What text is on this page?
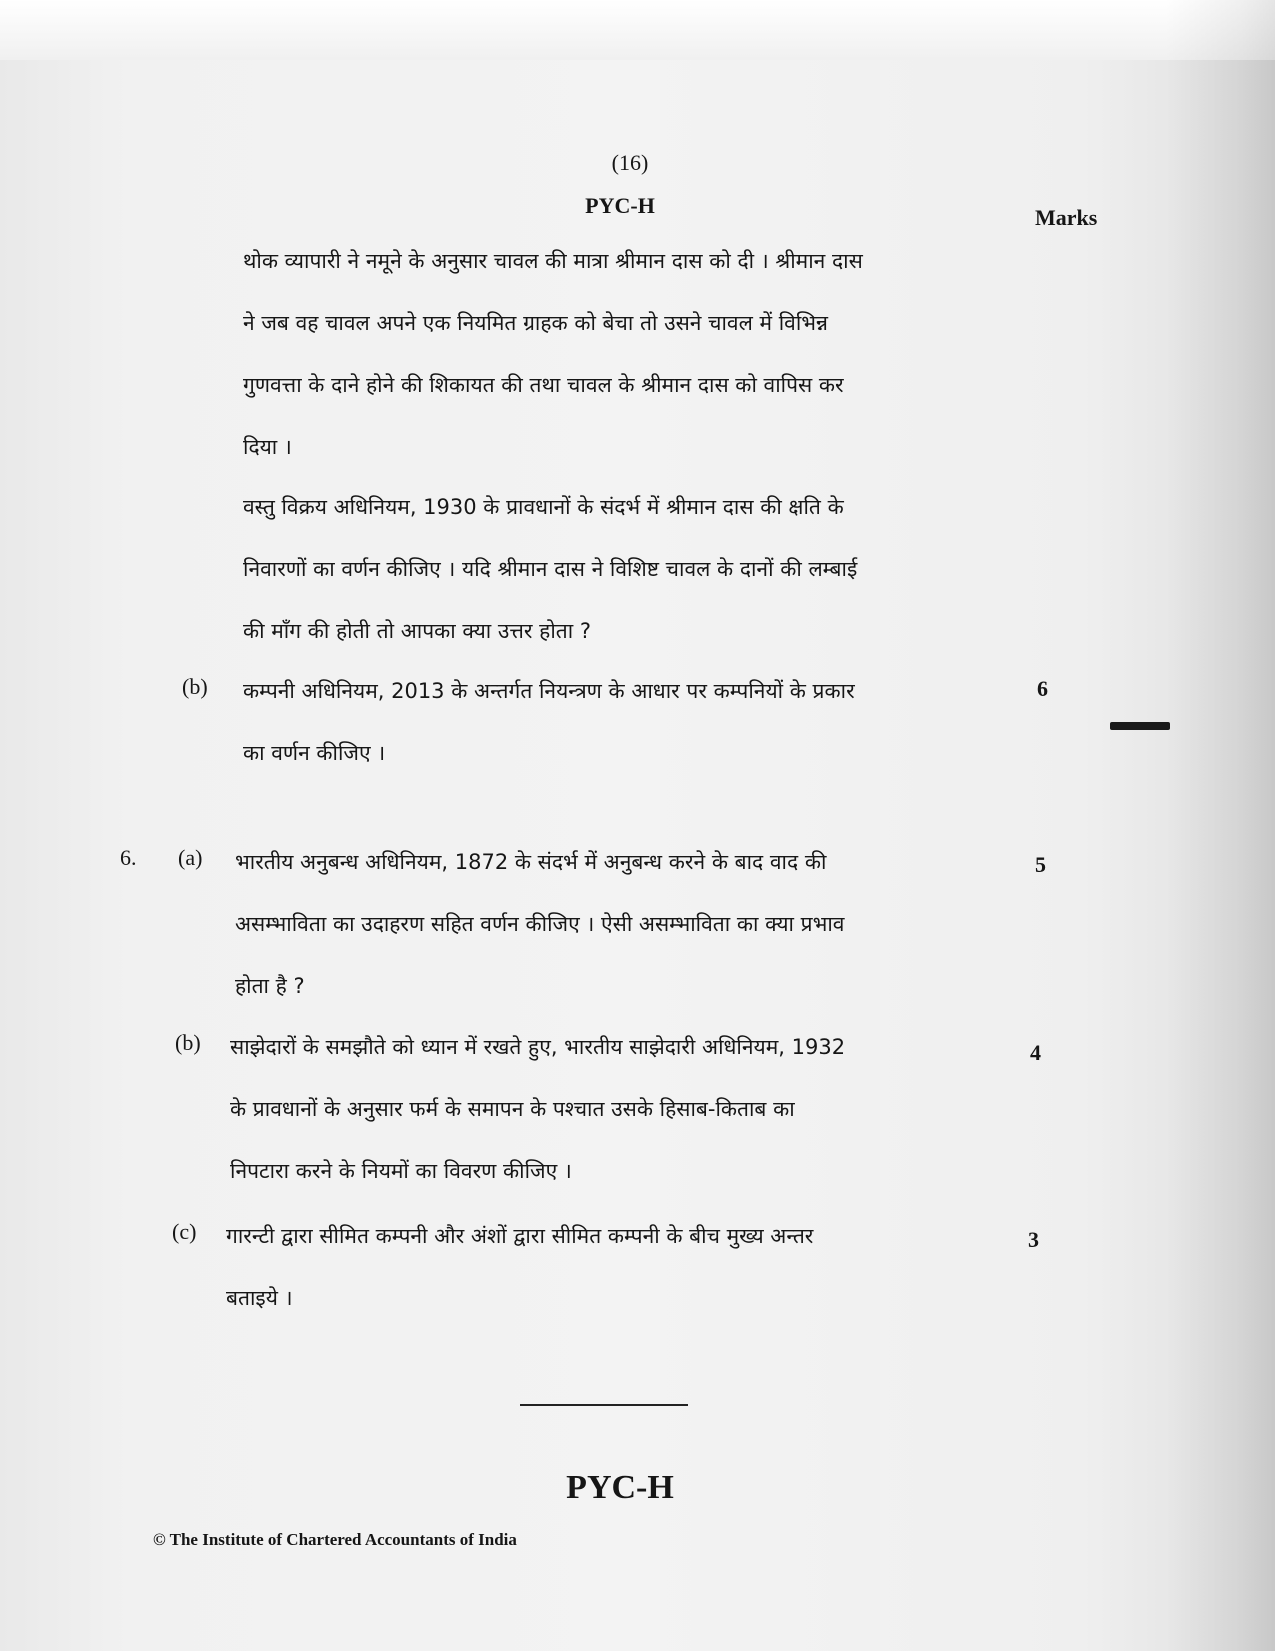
(16)
PYC-H	Marks

थोक व्यापारी ने नमूने के अनुसार चावल की मात्रा श्रीमान दास को दी । श्रीमान दास

ने जब वह चावल अपने एक नियमित ग्राहक को बेचा तो उसने चावल में विभिन्न

गुणवत्ता के दाने होने की शिकायत की तथा चावल के श्रीमान दास को वापिस कर

दिया ।

वस्तु विक्रय अधिनियम, 1930 के प्रावधानों के संदर्भ में श्रीमान दास की क्षति के

निवारणों का वर्णन कीजिए । यदि श्रीमान दास ने विशिष्ट चावल के दानों की लम्बाई

की माँग की होती तो आपका क्या उत्तर होता ?

(b) कम्पनी अधिनियम, 2013 के अन्तर्गत नियन्त्रण के आधार पर कम्पनियों के प्रकार

का वर्णन कीजिए ।

6
6. (a) भारतीय अनुबन्ध अधिनियम, 1872 के संदर्भ में अनुबन्ध करने के बाद वाद की

असम्भाविता का उदाहरण सहित वर्णन कीजिए । ऐसी असम्भाविता का क्या प्रभाव

होता है ?

5
(b) साझेदारों के समझौते को ध्यान में रखते हुए, भारतीय साझेदारी अधिनियम, 1932

के प्रावधानों के अनुसार फर्म के समापन के पश्चात उसके हिसाब-किताब का

निपटारा करने के नियमों का विवरण कीजिए ।

4
(c) गारन्टी द्वारा सीमित कम्पनी और अंशों द्वारा सीमित कम्पनी के बीच मुख्य अन्तर

बताइये ।

3
PYC-H
© The Institute of Chartered Accountants of India
